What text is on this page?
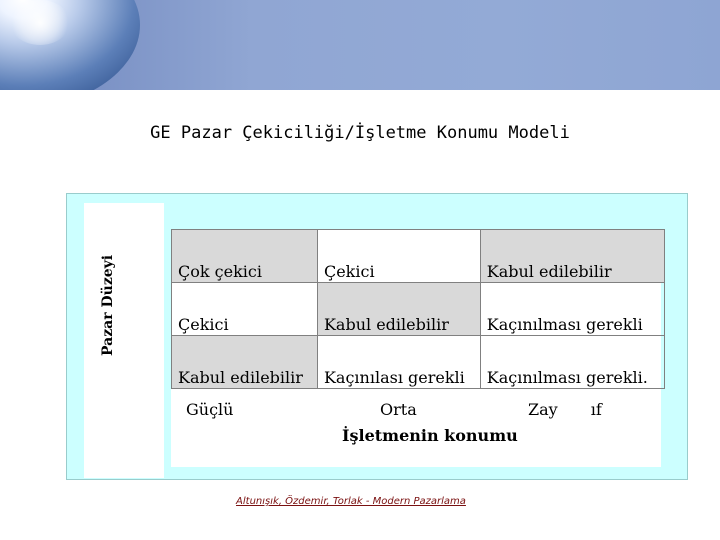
GE Pazar Çekiciliği/İşletme Konumu Modeli
Çok çekici	Çekici	Kabul edilebilir
Çekici	Kabul edilebilir	Kaçınılması gerekli
Kabul edilebilir	Kaçınılası gerekli	Kaçınılması gerekli.
Güçlü	Orta	Zay ıf
İşletmenin konumu
Altunışık, Özdemir, Torlak - Modern Pazarlama
